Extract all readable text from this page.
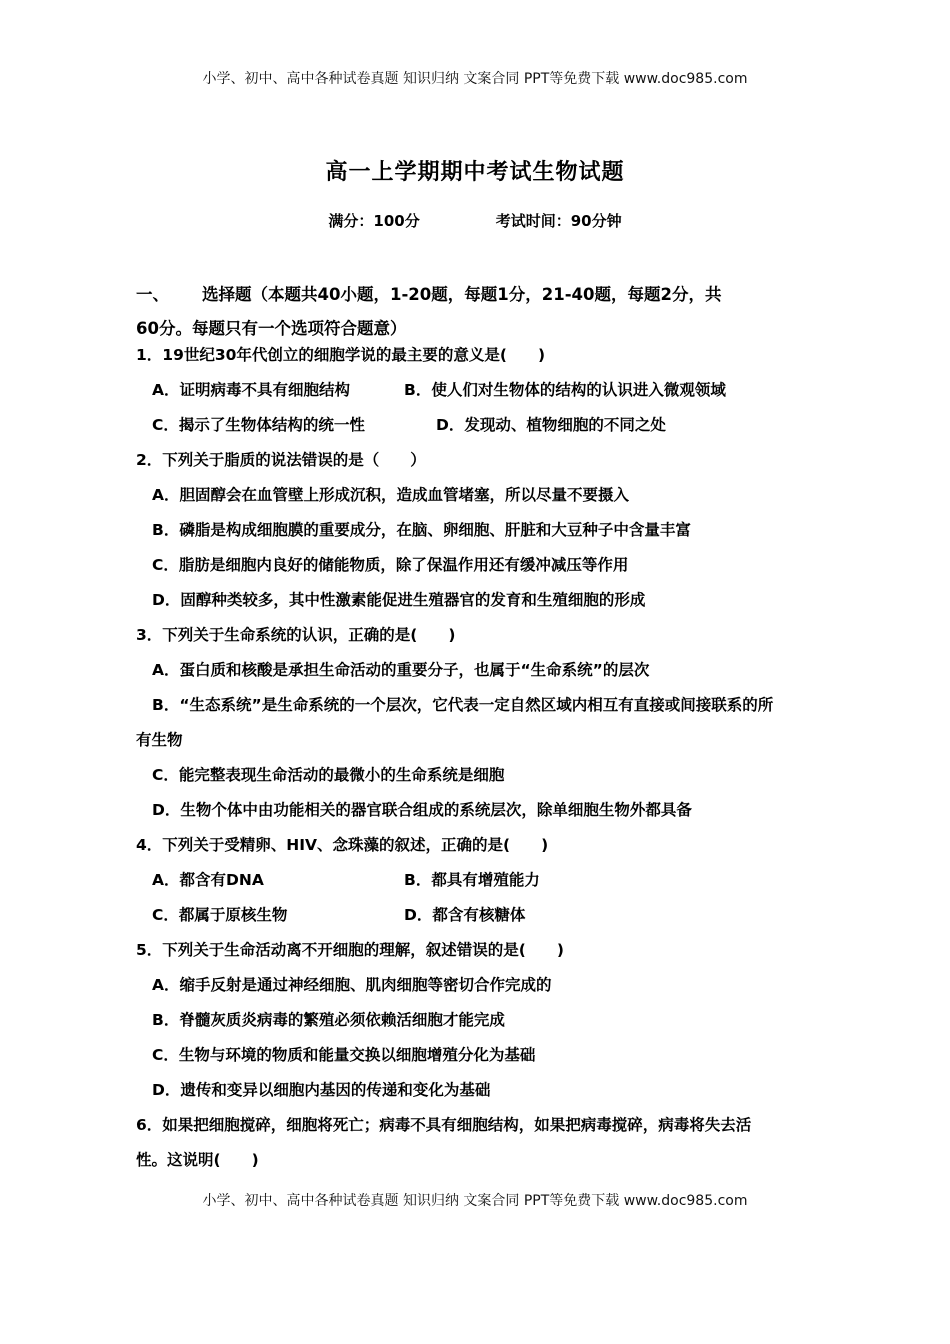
小学、初中、高中各种试卷真题 知识归纳 文案合同 PPT等免费下载 www.doc985.com
高一上学期期中考试生物试题
满分：100分	考试时间：90分钟
一、 选择题（本题共40小题，1-20题，每题1分，21-40题，每题2分，共
60分。每题只有一个选项符合题意）
1．19世纪30年代创立的细胞学说的最主要的意义是(　　)
A．证明病毒不具有细胞结构	B．使人们对生物体的结构的认识进入微观领域
C．揭示了生物体结构的统一性	D．发现动、植物细胞的不同之处
2．下列关于脂质的说法错误的是（　　）
A．胆固醇会在血管壁上形成沉积，造成血管堵塞，所以尽量不要摄入
B．磷脂是构成细胞膜的重要成分，在脑、卵细胞、肝脏和大豆种子中含量丰富
C．脂肪是细胞内良好的储能物质，除了保温作用还有缓冲减压等作用
D．固醇种类较多，其中性激素能促进生殖器官的发育和生殖细胞的形成
3．下列关于生命系统的认识，正确的是(　　)
A．蛋白质和核酸是承担生命活动的重要分子，也属于“生命系统”的层次
B．“生态系统”是生命系统的一个层次，它代表一定自然区域内相互有直接或间接联系的所
有生物
C．能完整表现生命活动的最微小的生命系统是细胞
D．生物个体中由功能相关的器官联合组成的系统层次，除单细胞生物外都具备
4．下列关于受精卵、HIV、念珠藻的叙述，正确的是(　　)
A．都含有DNA	B．都具有增殖能力
C．都属于原核生物	D．都含有核糖体
5．下列关于生命活动离不开细胞的理解，叙述错误的是(　　)
A．缩手反射是通过神经细胞、肌肉细胞等密切合作完成的
B．脊髓灰质炎病毒的繁殖必须依赖活细胞才能完成
C．生物与环境的物质和能量交换以细胞增殖分化为基础
D．遗传和变异以细胞内基因的传递和变化为基础
6．如果把细胞搅碎，细胞将死亡；病毒不具有细胞结构，如果把病毒搅碎，病毒将失去活
性。这说明(　　)
小学、初中、高中各种试卷真题 知识归纳 文案合同 PPT等免费下载 www.doc985.com
